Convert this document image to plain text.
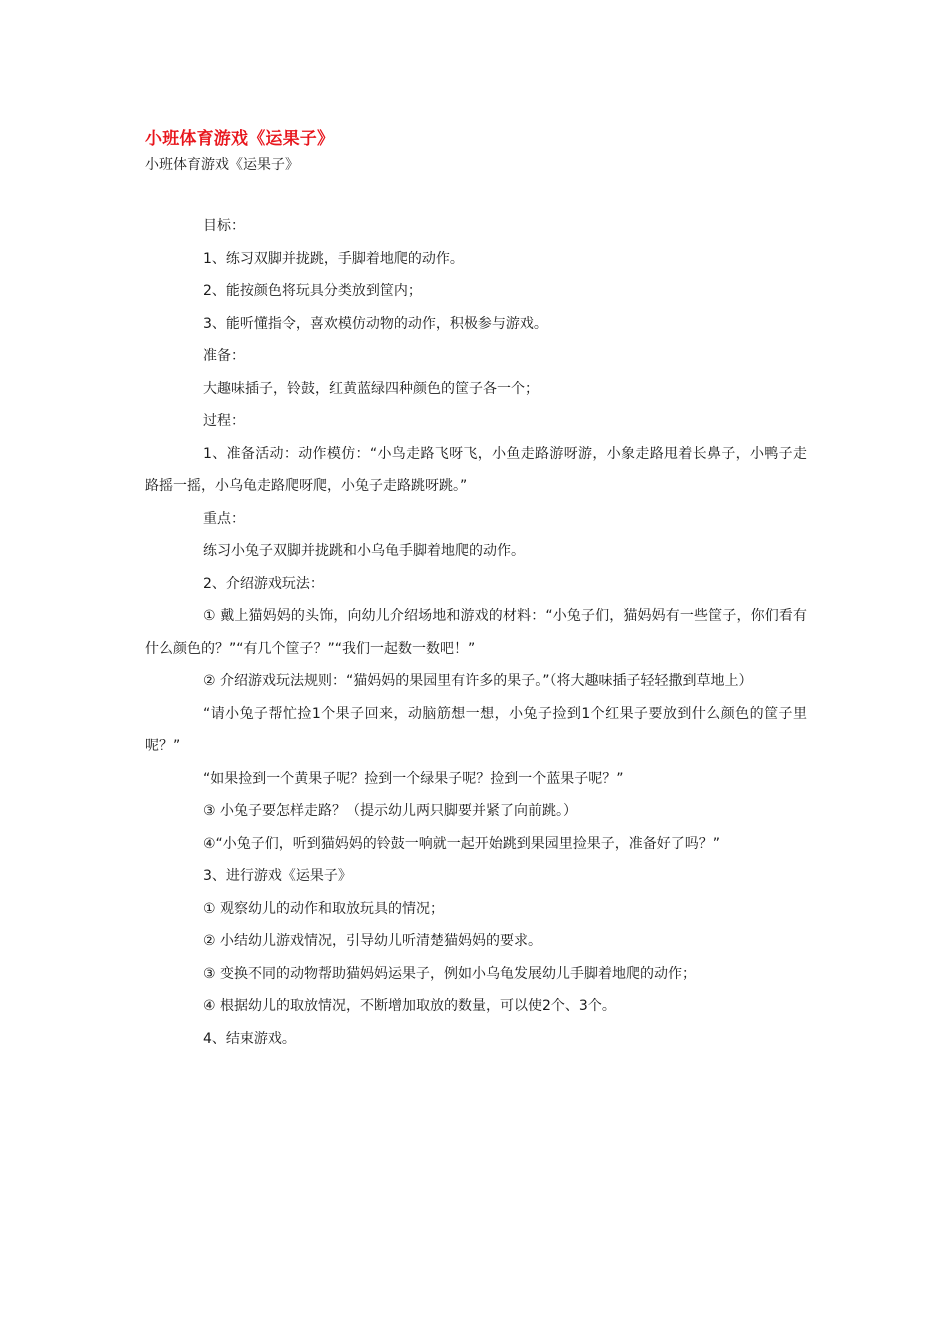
小班体育游戏《运果子》
小班体育游戏《运果子》

目标：

1、练习双脚并拢跳，手脚着地爬的动作。

2、能按颜色将玩具分类放到筐内；

3、能听懂指令，喜欢模仿动物的动作，积极参与游戏。

准备：

大趣味插子，铃鼓，红黄蓝绿四种颜色的筐子各一个；

过程：

1、准备活动：动作模仿：“小鸟走路飞呀飞，小鱼走路游呀游，小象走路甩着长鼻子，小鸭子走路摇一摇，小乌龟走路爬呀爬，小兔子走路跳呀跳。”

重点：

练习小兔子双脚并拢跳和小乌龟手脚着地爬的动作。

2、介绍游戏玩法：

① 戴上猫妈妈的头饰，向幼儿介绍场地和游戏的材料：“小兔子们，猫妈妈有一些筐子，你们看有什么颜色的？”“有几个筐子？”“我们一起数一数吧！”

② 介绍游戏玩法规则：“猫妈妈的果园里有许多的果子。”（将大趣味插子轻轻撒到草地上）

“请小兔子帮忙捡1个果子回来，动脑筋想一想，小兔子捡到1个红果子要放到什么颜色的筐子里呢？”

“如果捡到一个黄果子呢？捡到一个绿果子呢？捡到一个蓝果子呢？”

③ 小兔子要怎样走路？（提示幼儿两只脚要并紧了向前跳。）

④“小兔子们，听到猫妈妈的铃鼓一响就一起开始跳到果园里捡果子，准备好了吗？”

3、进行游戏《运果子》

① 观察幼儿的动作和取放玩具的情况；

② 小结幼儿游戏情况，引导幼儿听清楚猫妈妈的要求。

③ 变换不同的动物帮助猫妈妈运果子，例如小乌龟发展幼儿手脚着地爬的动作；

④ 根据幼儿的取放情况，不断增加取放的数量，可以使2个、3个。

4、结束游戏。
